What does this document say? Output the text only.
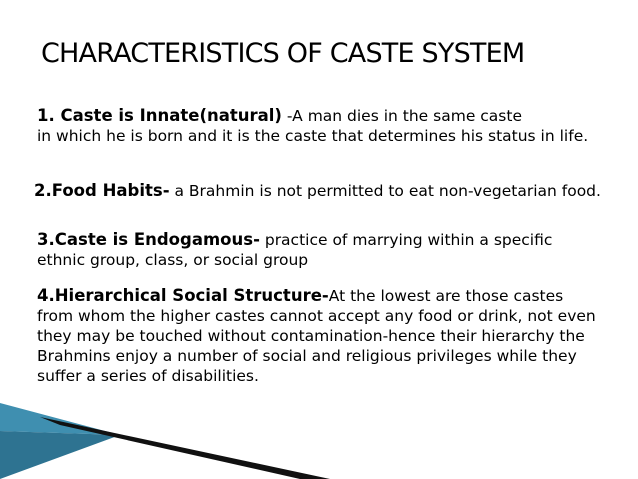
CHARACTERISTICS OF CASTE SYSTEM

1. Caste is Innate(natural) -A man dies in the same caste
in which he is born and it is the caste that determines his status in life.

2.Food Habits- a Brahmin is not permitted to eat non-vegetarian food.

3.Caste is Endogamous- practice of marrying within a specific ethnic group, class, or social group

4.Hierarchical Social Structure-At the lowest are those castes from whom the higher castes cannot accept any food or drink, not even they may be touched without contamination-hence their hierarchy the Brahmins enjoy a number of social and religious privileges while they suffer a series of disabilities.
